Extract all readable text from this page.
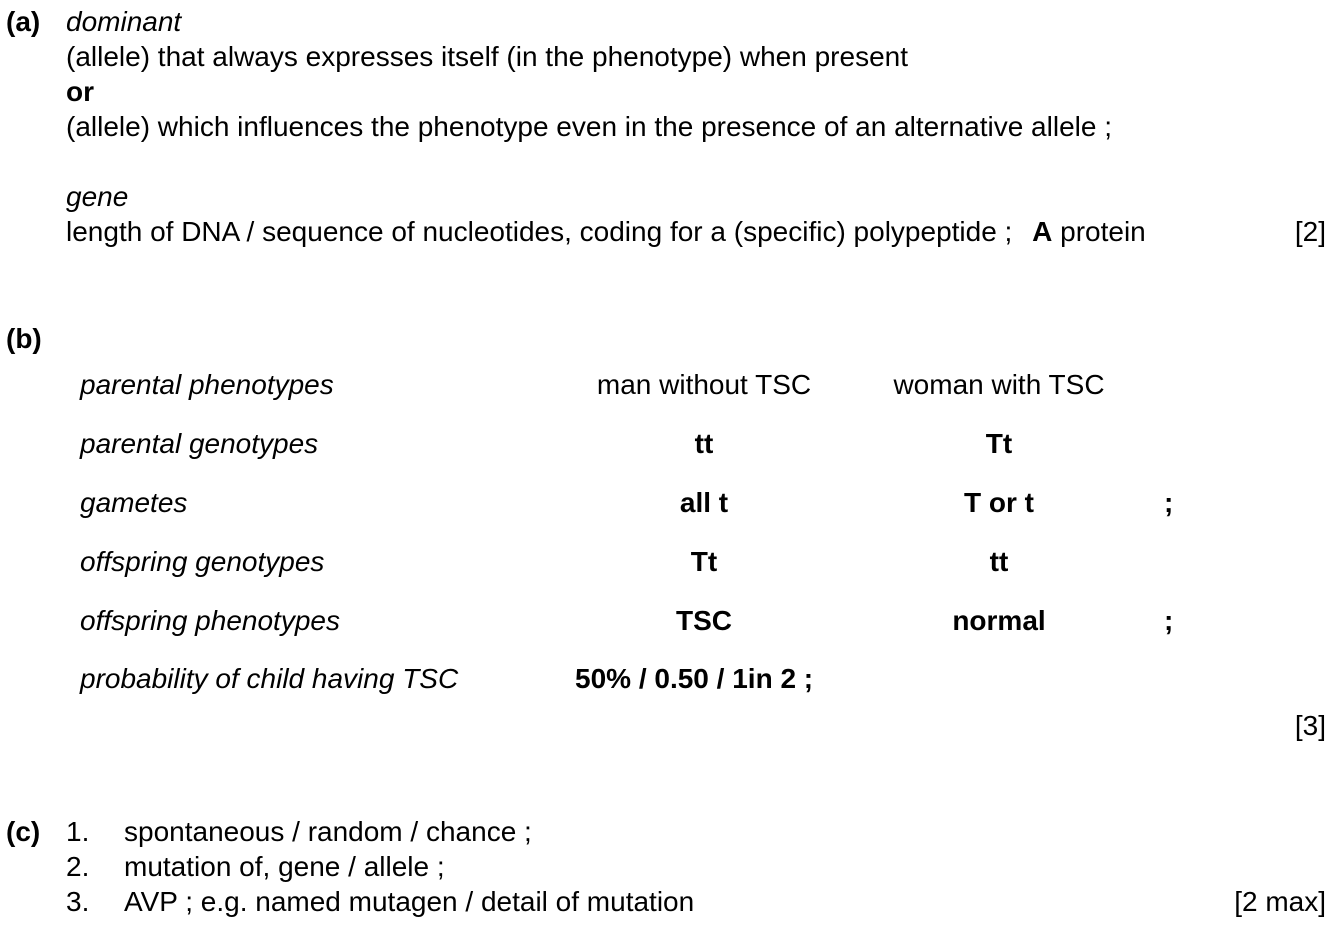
(a) dominant
(allele) that always expresses itself (in the phenotype) when present
or
(allele) which influences the phenotype even in the presence of an alternative allele ;
gene
length of DNA / sequence of nucleotides, coding for a (specific) polypeptide ; A protein	[2]
(b)
parental phenotypes	man without TSC	woman with TSC
parental genotypes	tt	Tt
gametes	all t	T or t	;
offspring genotypes	Tt	tt
offspring phenotypes	TSC	normal	;
probability of child having TSC	50% / 0.50 / 1in 2 ;
[3]
(c) 1. spontaneous / random / chance ;
2. mutation of, gene / allele ;
3. AVP ; e.g. named mutagen / detail of mutation	[2 max]
